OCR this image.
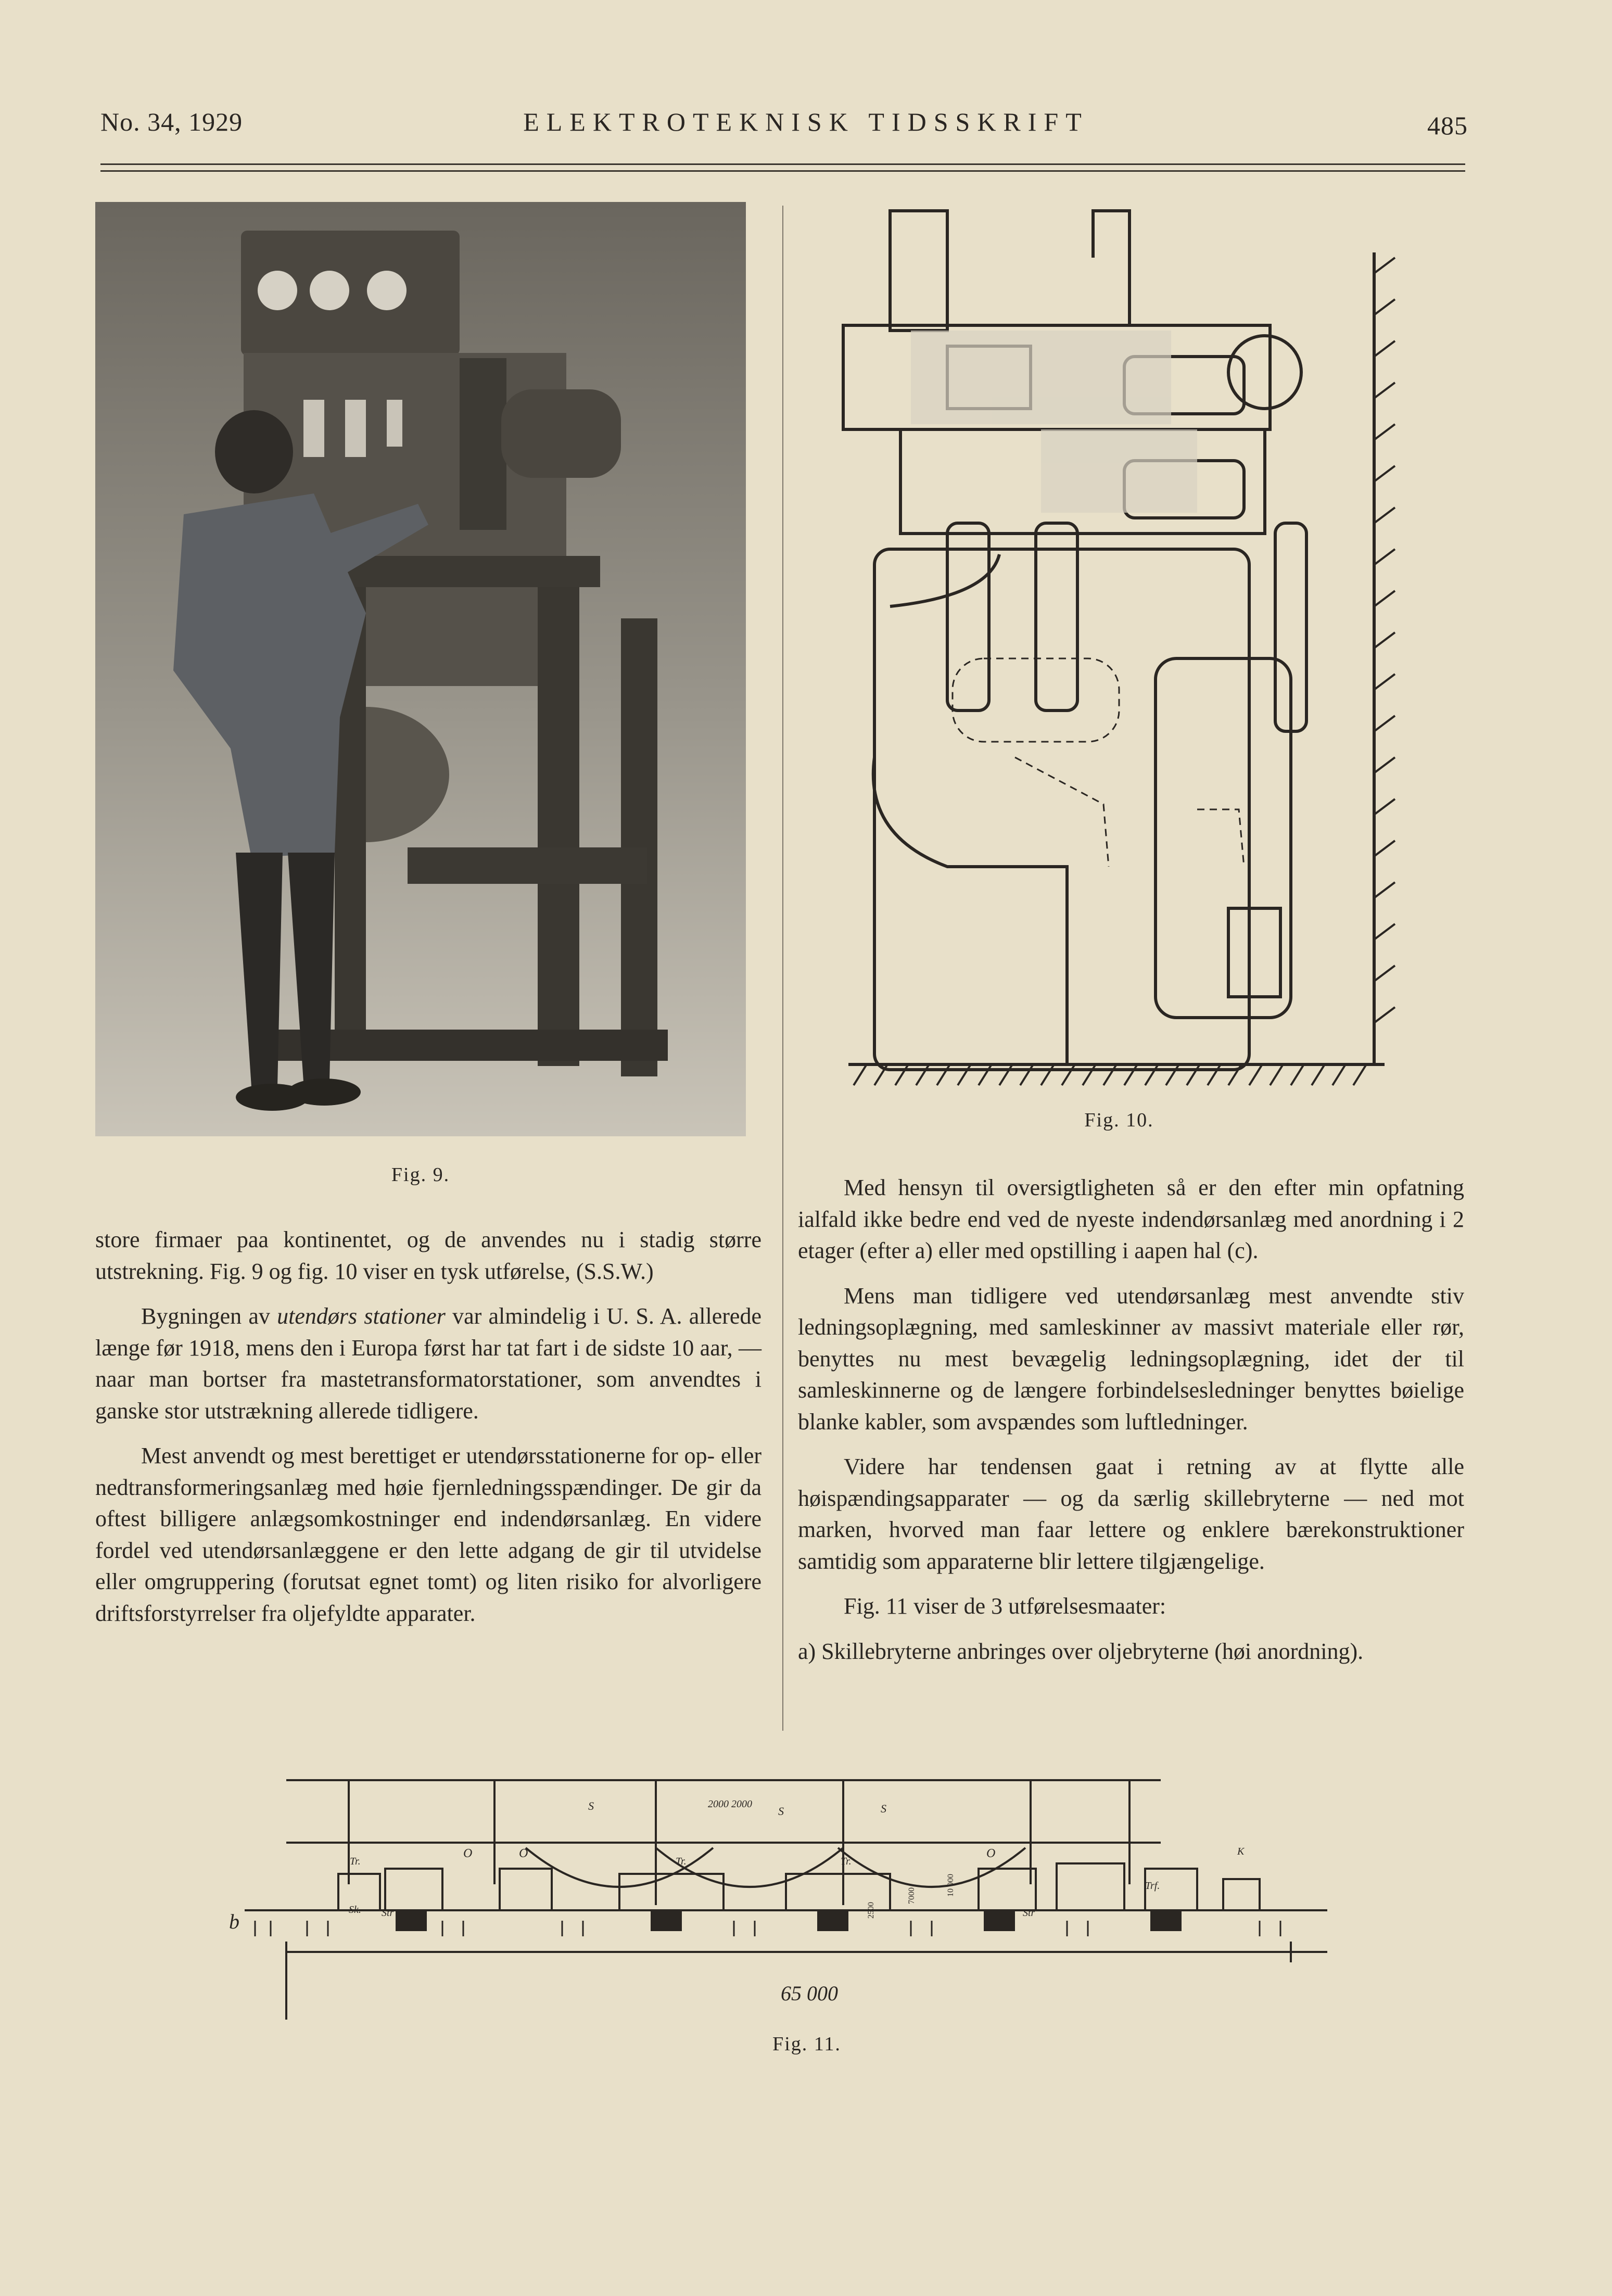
No. 34, 1929	ELEKTROTEKNISK TIDSSKRIFT	485
Fig. 9.
Fig. 10.

store firmaer paa kontinentet, og de anvendes nu i stadig større utstrekning. Fig. 9 og fig. 10 viser en tysk utførelse, (S.S.W.)

Bygningen av utendørs stationer var almindelig i U. S. A. allerede længe før 1918, mens den i Europa først har tat fart i de sidste 10 aar, — naar man bortser fra mastetransformatorstationer, som anvendtes i ganske stor utstrækning allerede tidligere.

Mest anvendt og mest berettiget er utendørsstationerne for op- eller nedtransformeringsanlæg med høie fjernledningsspændinger. De gir da oftest billigere anlægsomkostninger end indendørsanlæg. En videre fordel ved utendørsanlæggene er den lette adgang de gir til utvidelse eller omgruppering (forutsat egnet tomt) og liten risiko for alvorligere driftsforstyrrelser fra oljefyldte apparater.

Med hensyn til oversigtligheten så er den efter min opfatning ialfald ikke bedre end ved de nyeste indendørsanlæg med anordning i 2 etager (efter a) eller med opstilling i aapen hal (c).

Mens man tidligere ved utendørsanlæg mest anvendte stiv ledningsoplægning, med samleskinner av massivt materiale eller rør, benyttes nu mest bevægelig ledningsoplægning, idet der til samleskinnerne og de længere forbindelsesledninger benyttes bøielige blanke kabler, som avspændes som luftledninger.

Videre har tendensen gaat i retning av at flytte alle høispændingsapparater — og da særlig skillebryterne — ned mot marken, hvorved man faar lettere og enklere bærekonstruktioner samtidig som apparaterne blir lettere tilgjængelige.

Fig. 11 viser de 3 utførelsesmaater:

a) Skillebryterne anbringes over oljebryterne (høi anordning).

b
S	S	S
2000 2000
Tr.	Tr.	Tr.
Trf.
O	O	O
Sk. Str	Str
K
2500
7000	10 000
65 000
Fig. 11.
